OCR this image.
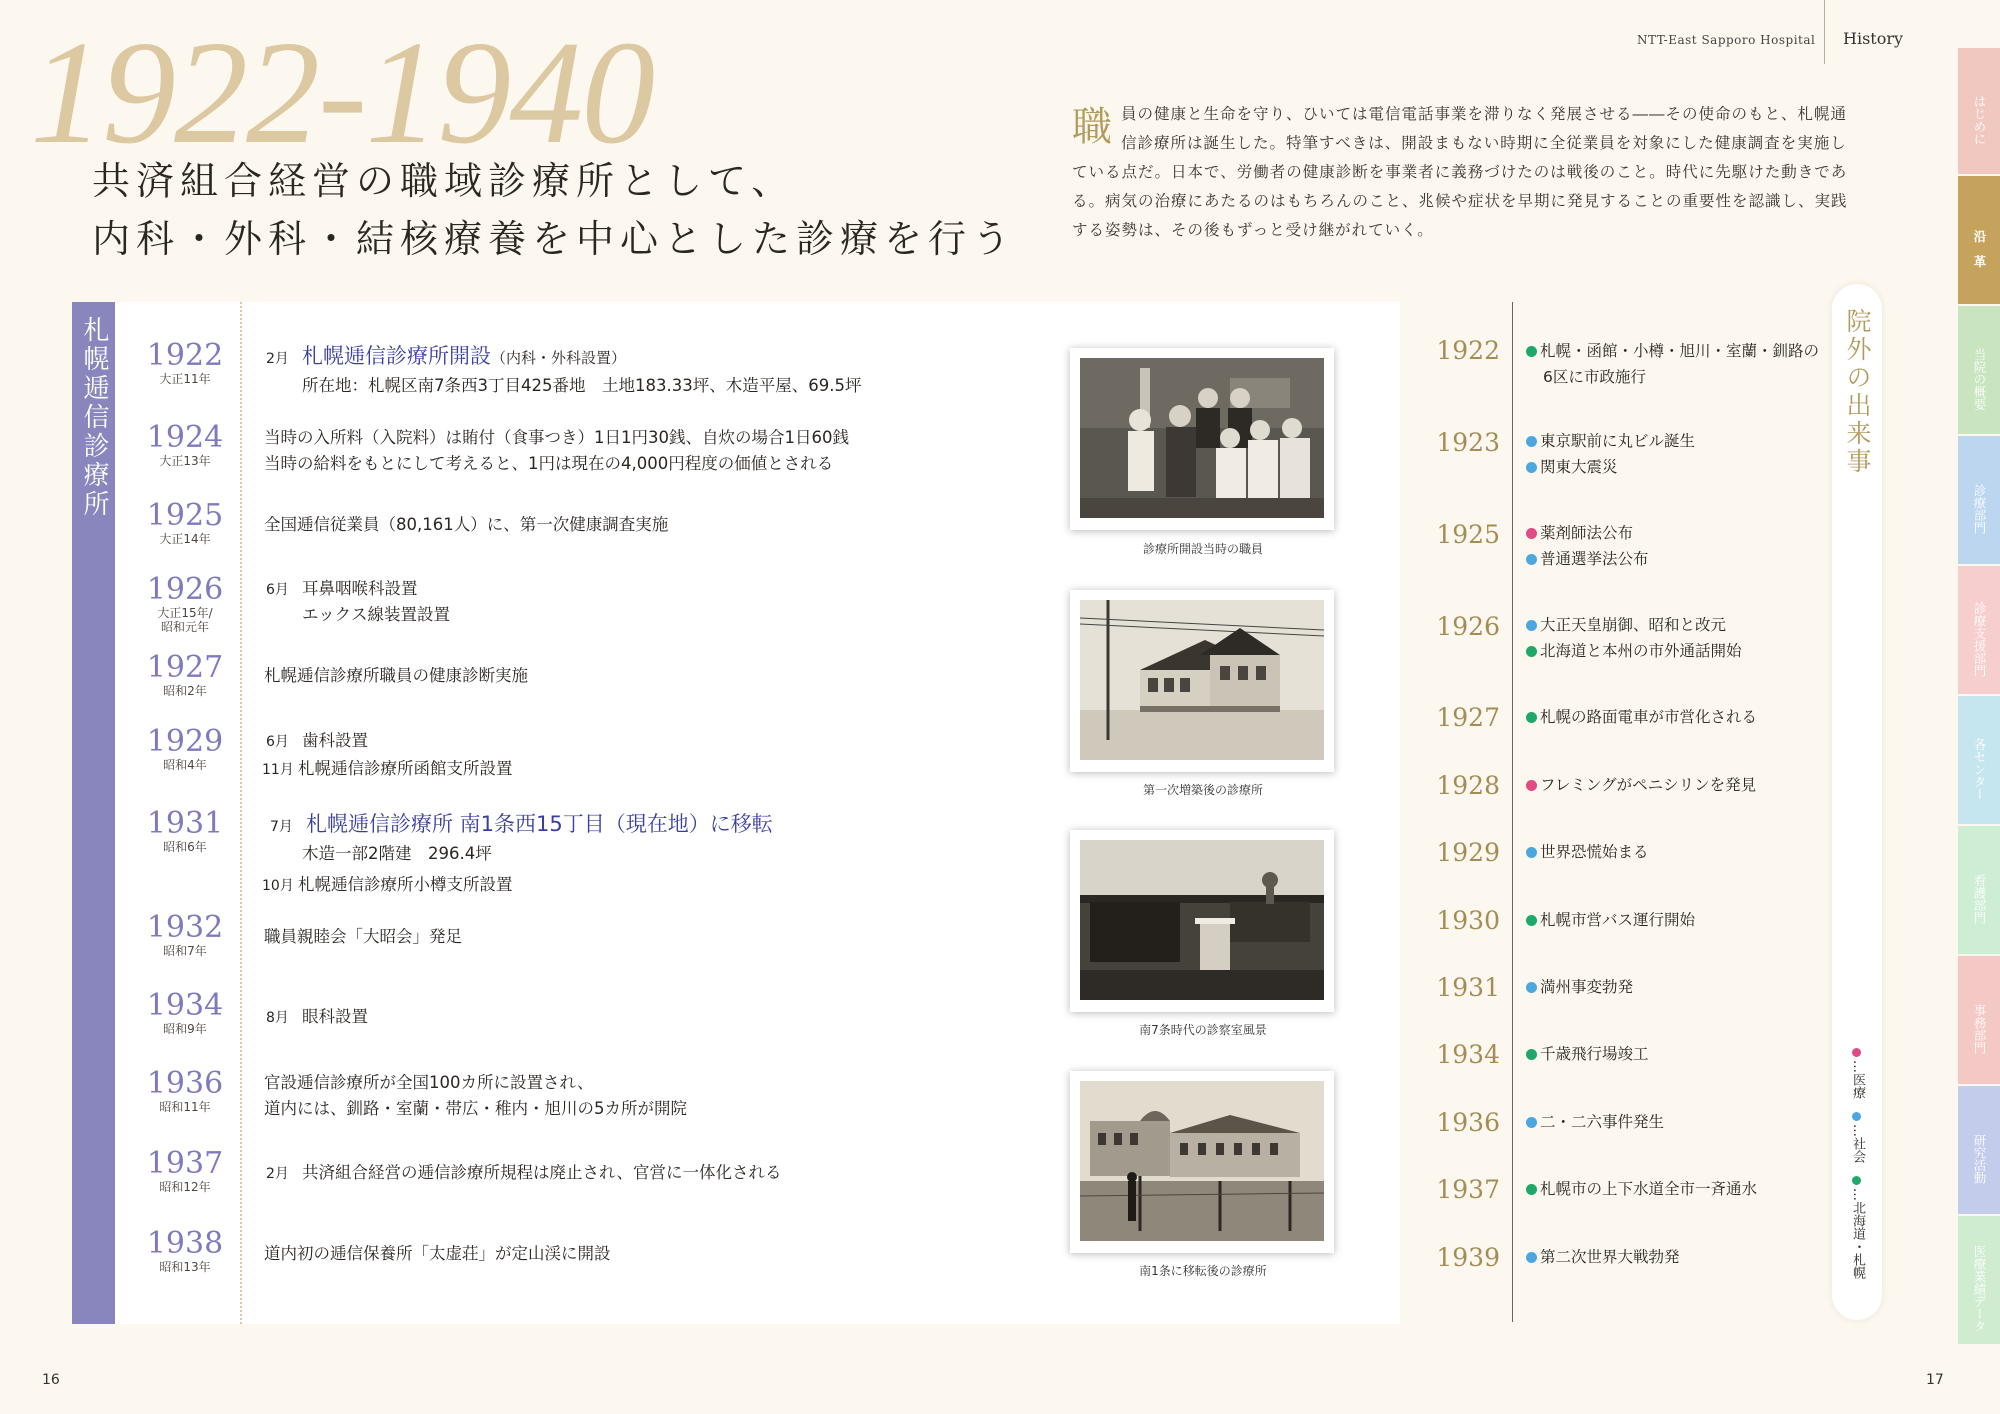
1922-1940
共済組合経営の職域診療所として、
内科・外科・結核療養を中心とした診療を行う
NTT-East Sapporo Hospital History
職 員の健康と生命を守り、ひいては電信電話事業を滞りなく発展させる――その使命のもと、札幌通信診療所は誕生した。特筆すべきは、開設まもない時期に全従業員を対象にした健康調査を実施している点だ。日本で、労働者の健康診断を事業者に義務づけたのは戦後のこと。時代に先駆けた動きである。病気の治療にあたるのはもちろんのこと、兆候や症状を早期に発見することの重要性を認識し、実践する姿勢は、その後もずっと受け継がれていく。
札幌逓信診療所	1922
大正11年
2月 札幌逓信診療所開設（内科・外科設置）
所在地：札幌区南7条西3丁目425番地　土地183.33坪、木造平屋、69.5坪
1924
大正13年
当時の入所料（入院料）は賄付（食事つき）1日1円30銭、自炊の場合1日60銭
当時の給料をもとにして考えると、1円は現在の4,000円程度の価値とされる
1925
大正14年
全国逓信従業員（80,161人）に、第一次健康調査実施
1926
大正15年/
昭和元年
6月 耳鼻咽喉科設置
エックス線装置設置
1927
昭和2年
札幌逓信診療所職員の健康診断実施
1929
昭和4年
6月 歯科設置
11月 札幌逓信診療所函館支所設置
1931
昭和6年
7月 札幌逓信診療所 南1条西15丁目（現在地）に移転
木造一部2階建　296.4坪
10月 札幌逓信診療所小樽支所設置
1932
昭和7年
職員親睦会「大昭会」発足
1934
昭和9年
8月 眼科設置
1936
昭和11年
官設逓信診療所が全国100カ所に設置され、
道内には、釧路・室蘭・帯広・稚内・旭川の5カ所が開院
1937
昭和12年
2月 共済組合経営の逓信診療所規程は廃止され、官営に一体化される
1938
昭和13年
道内初の逓信保養所「太虚荘」が定山渓に開設
診療所開設当時の職員
第一次増築後の診療所
南7条時代の診察室風景
南1条に移転後の診療所
1922	札幌・函館・小樽・旭川・室蘭・釧路の
6区に市政施行
1923	東京駅前に丸ビル誕生
関東大震災
1925	薬剤師法公布
普通選挙法公布
1926	大正天皇崩御、昭和と改元
北海道と本州の市外通話開始
1927	札幌の路面電車が市営化される
1928	フレミングがペニシリンを発見
1929	世界恐慌始まる
1930	札幌市営バス運行開始
1931	満州事変勃発
1934	千歳飛行場竣工
1936	二・二六事件発生
1937	札幌市の上下水道全市一斉通水
1939	第二次世界大戦勃発
院外の出来事
…医療
…社会
…北海道・札幌
はじめに
沿　革
当院の概要
診療部門
診療支援部門
各センター
看護部門
事務部門
研究活動
医療業績データ
16	17
